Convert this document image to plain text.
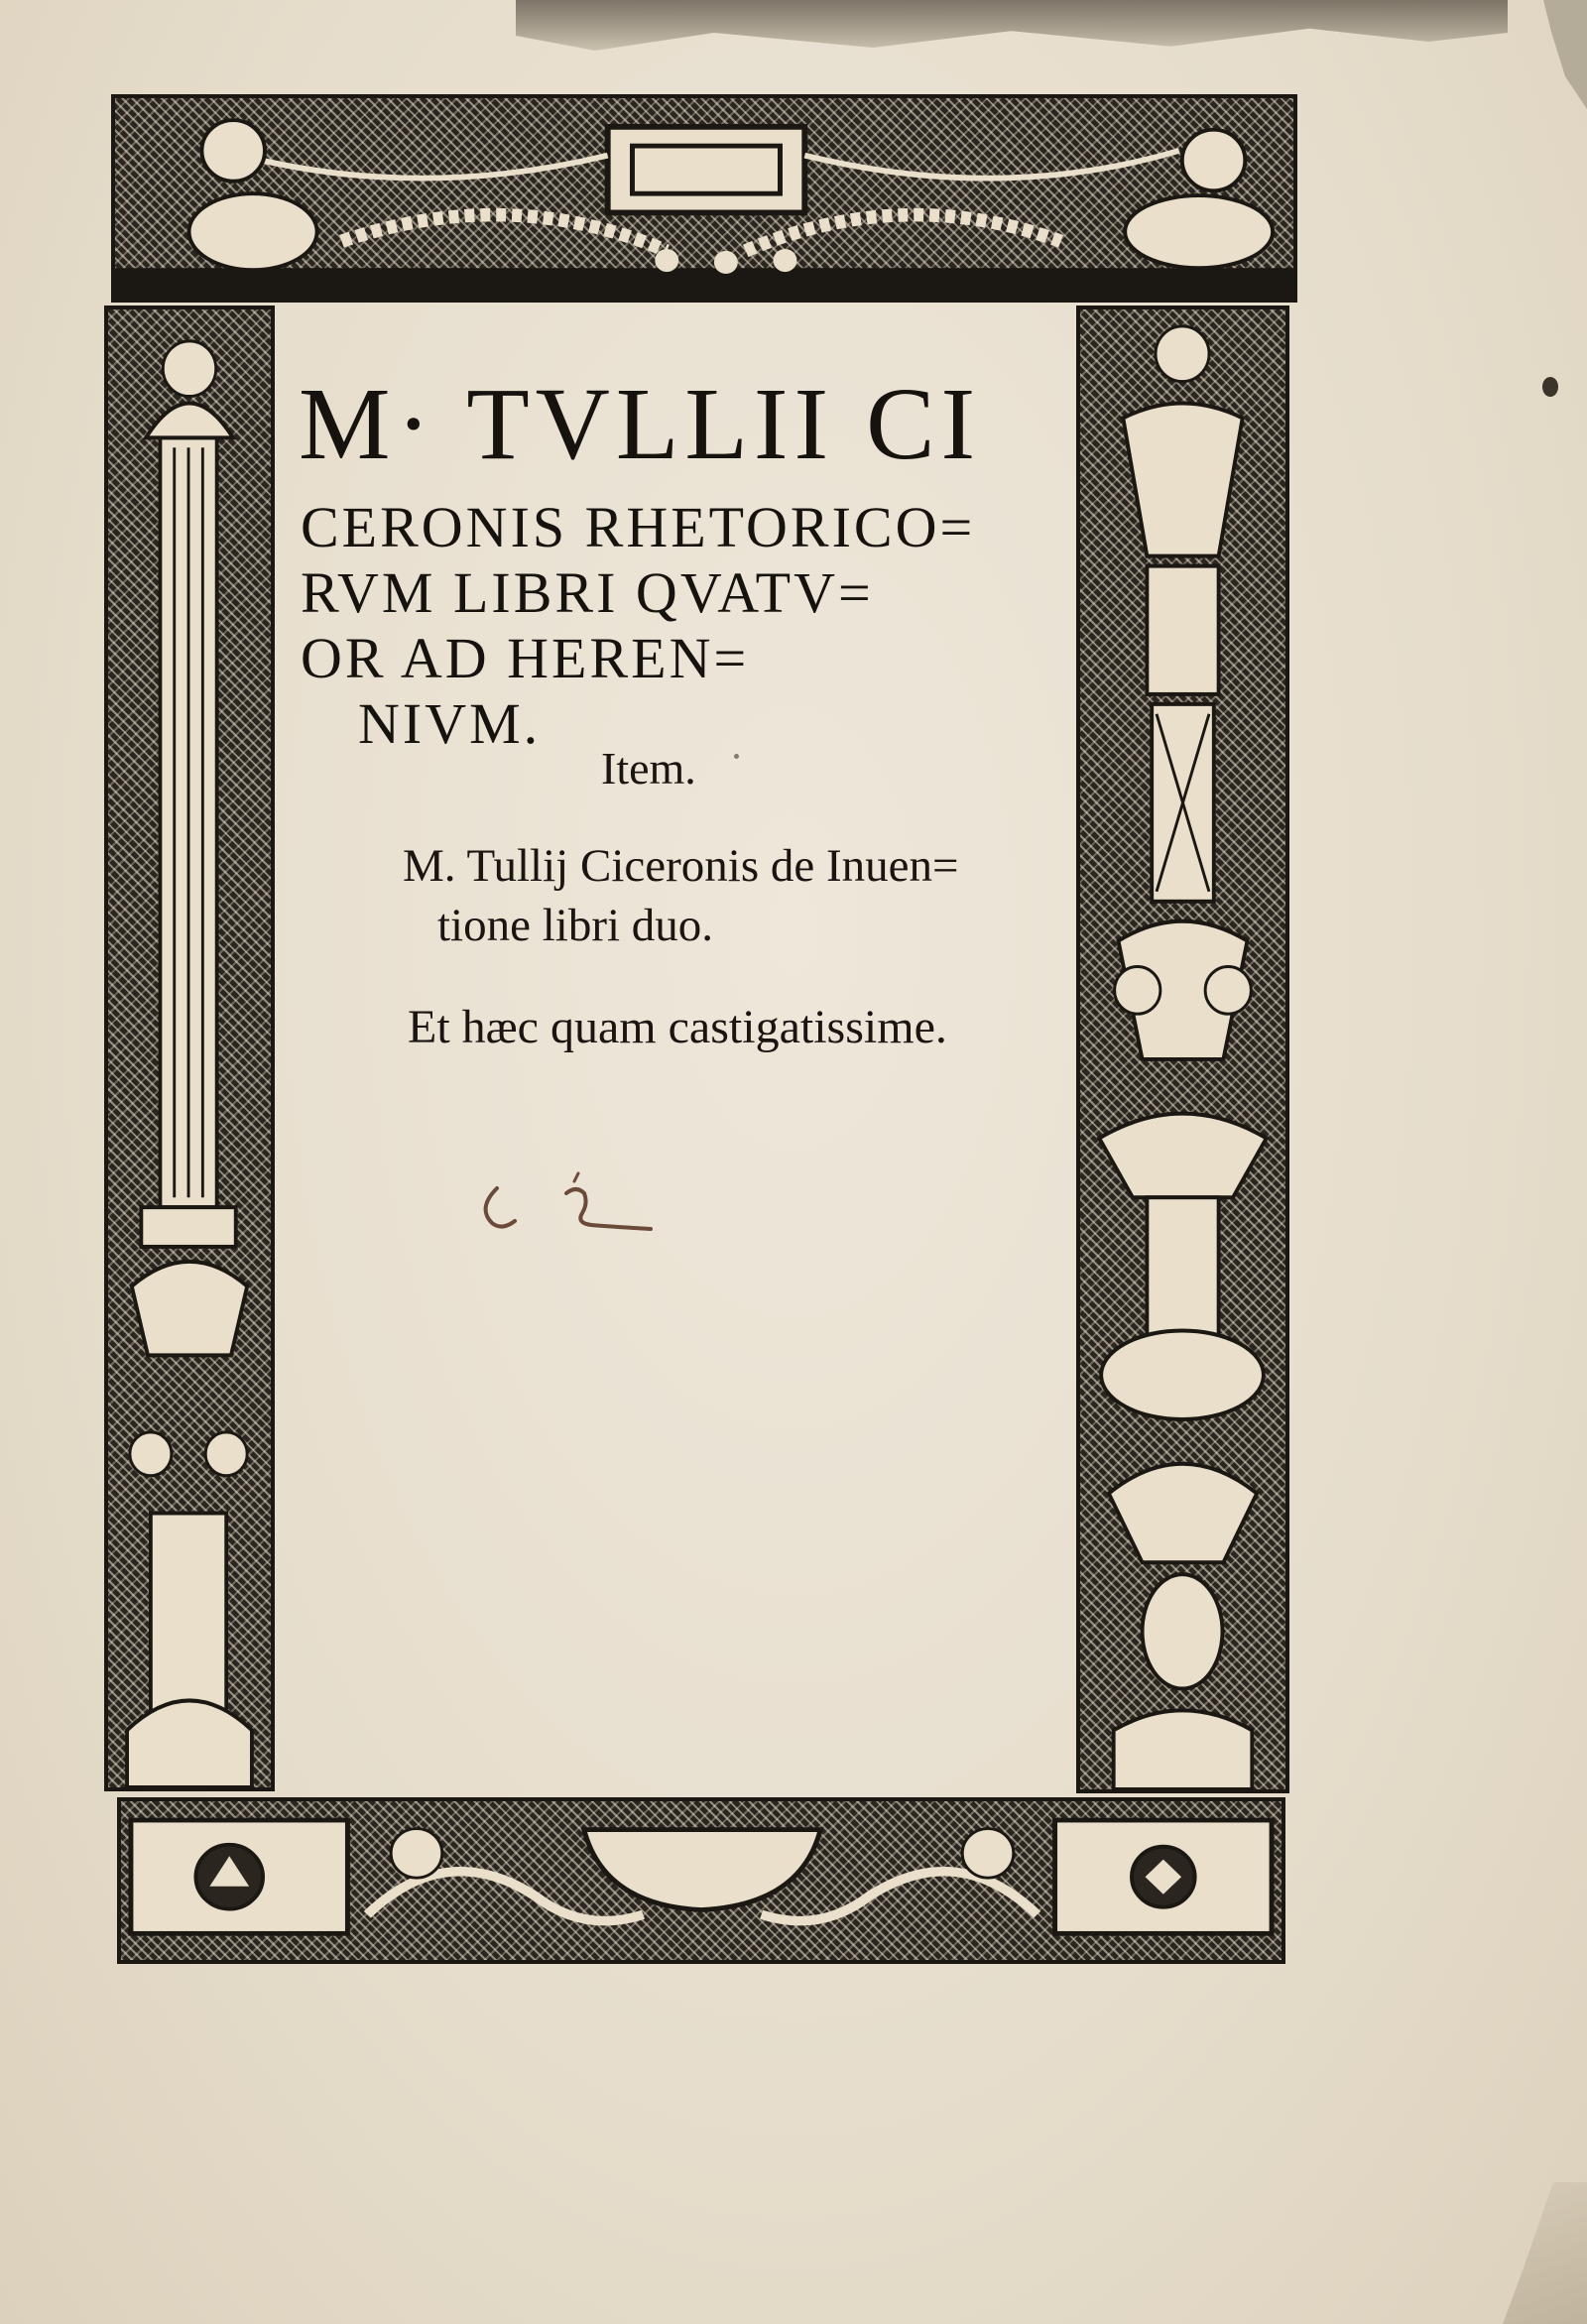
M· TVLLII CI

CERONIS RHETORICO=

RVM LIBRI QVATV=

OR AD HEREN=

NIVM.

Item.

M. Tullij Ciceronis de Inuen=

tione libri duo.

Et hæc quam castigatissime.
